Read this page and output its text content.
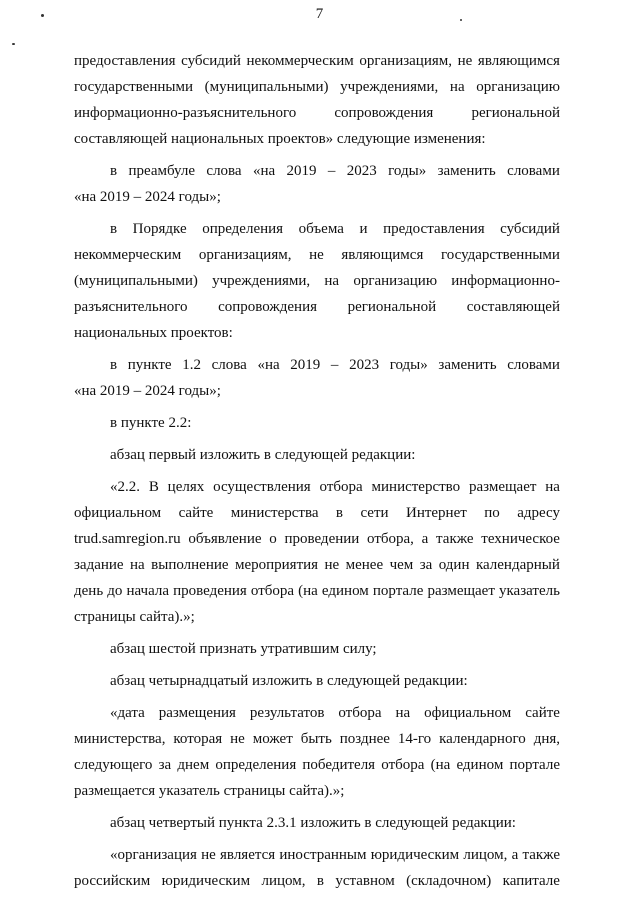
7
предоставления субсидий некоммерческим организациям, не являющимся
государственными (муниципальными) учреждениями, на организацию
информационно-разъяснительного	сопровождения	региональной
составляющей национальных проектов» следующие изменения:
в преамбуле слова «на 2019 – 2023 годы» заменить словами
«на 2019 – 2024 годы»;
в Порядке определения объема и предоставления субсидий
некоммерческим организациям, не являющимся государственными
(муниципальными) учреждениями, на организацию информационно-
разъяснительного сопровождения региональной составляющей
национальных проектов:
в пункте 1.2 слова «на 2019 – 2023 годы» заменить словами
«на 2019 – 2024 годы»;
в пункте 2.2:
абзац первый изложить в следующей редакции:
«2.2. В целях осуществления отбора министерство размещает на
официальном сайте министерства в сети Интернет по адресу
trud.samregion.ru объявление о проведении отбора, а также техническое
задание на выполнение мероприятия не менее чем за один календарный
день до начала проведения отбора (на едином портале размещает указатель
страницы сайта).»;
абзац шестой признать утратившим силу;
абзац четырнадцатый изложить в следующей редакции:
«дата размещения результатов отбора на официальном сайте
министерства, которая не может быть позднее 14-го календарного дня,
следующего за днем определения победителя отбора (на едином портале
размещается указатель страницы сайта).»;
абзац четвертый пункта 2.3.1 изложить в следующей редакции:
«организация не является иностранным юридическим лицом, а также
российским юридическим лицом, в уставном (складочном) капитале
